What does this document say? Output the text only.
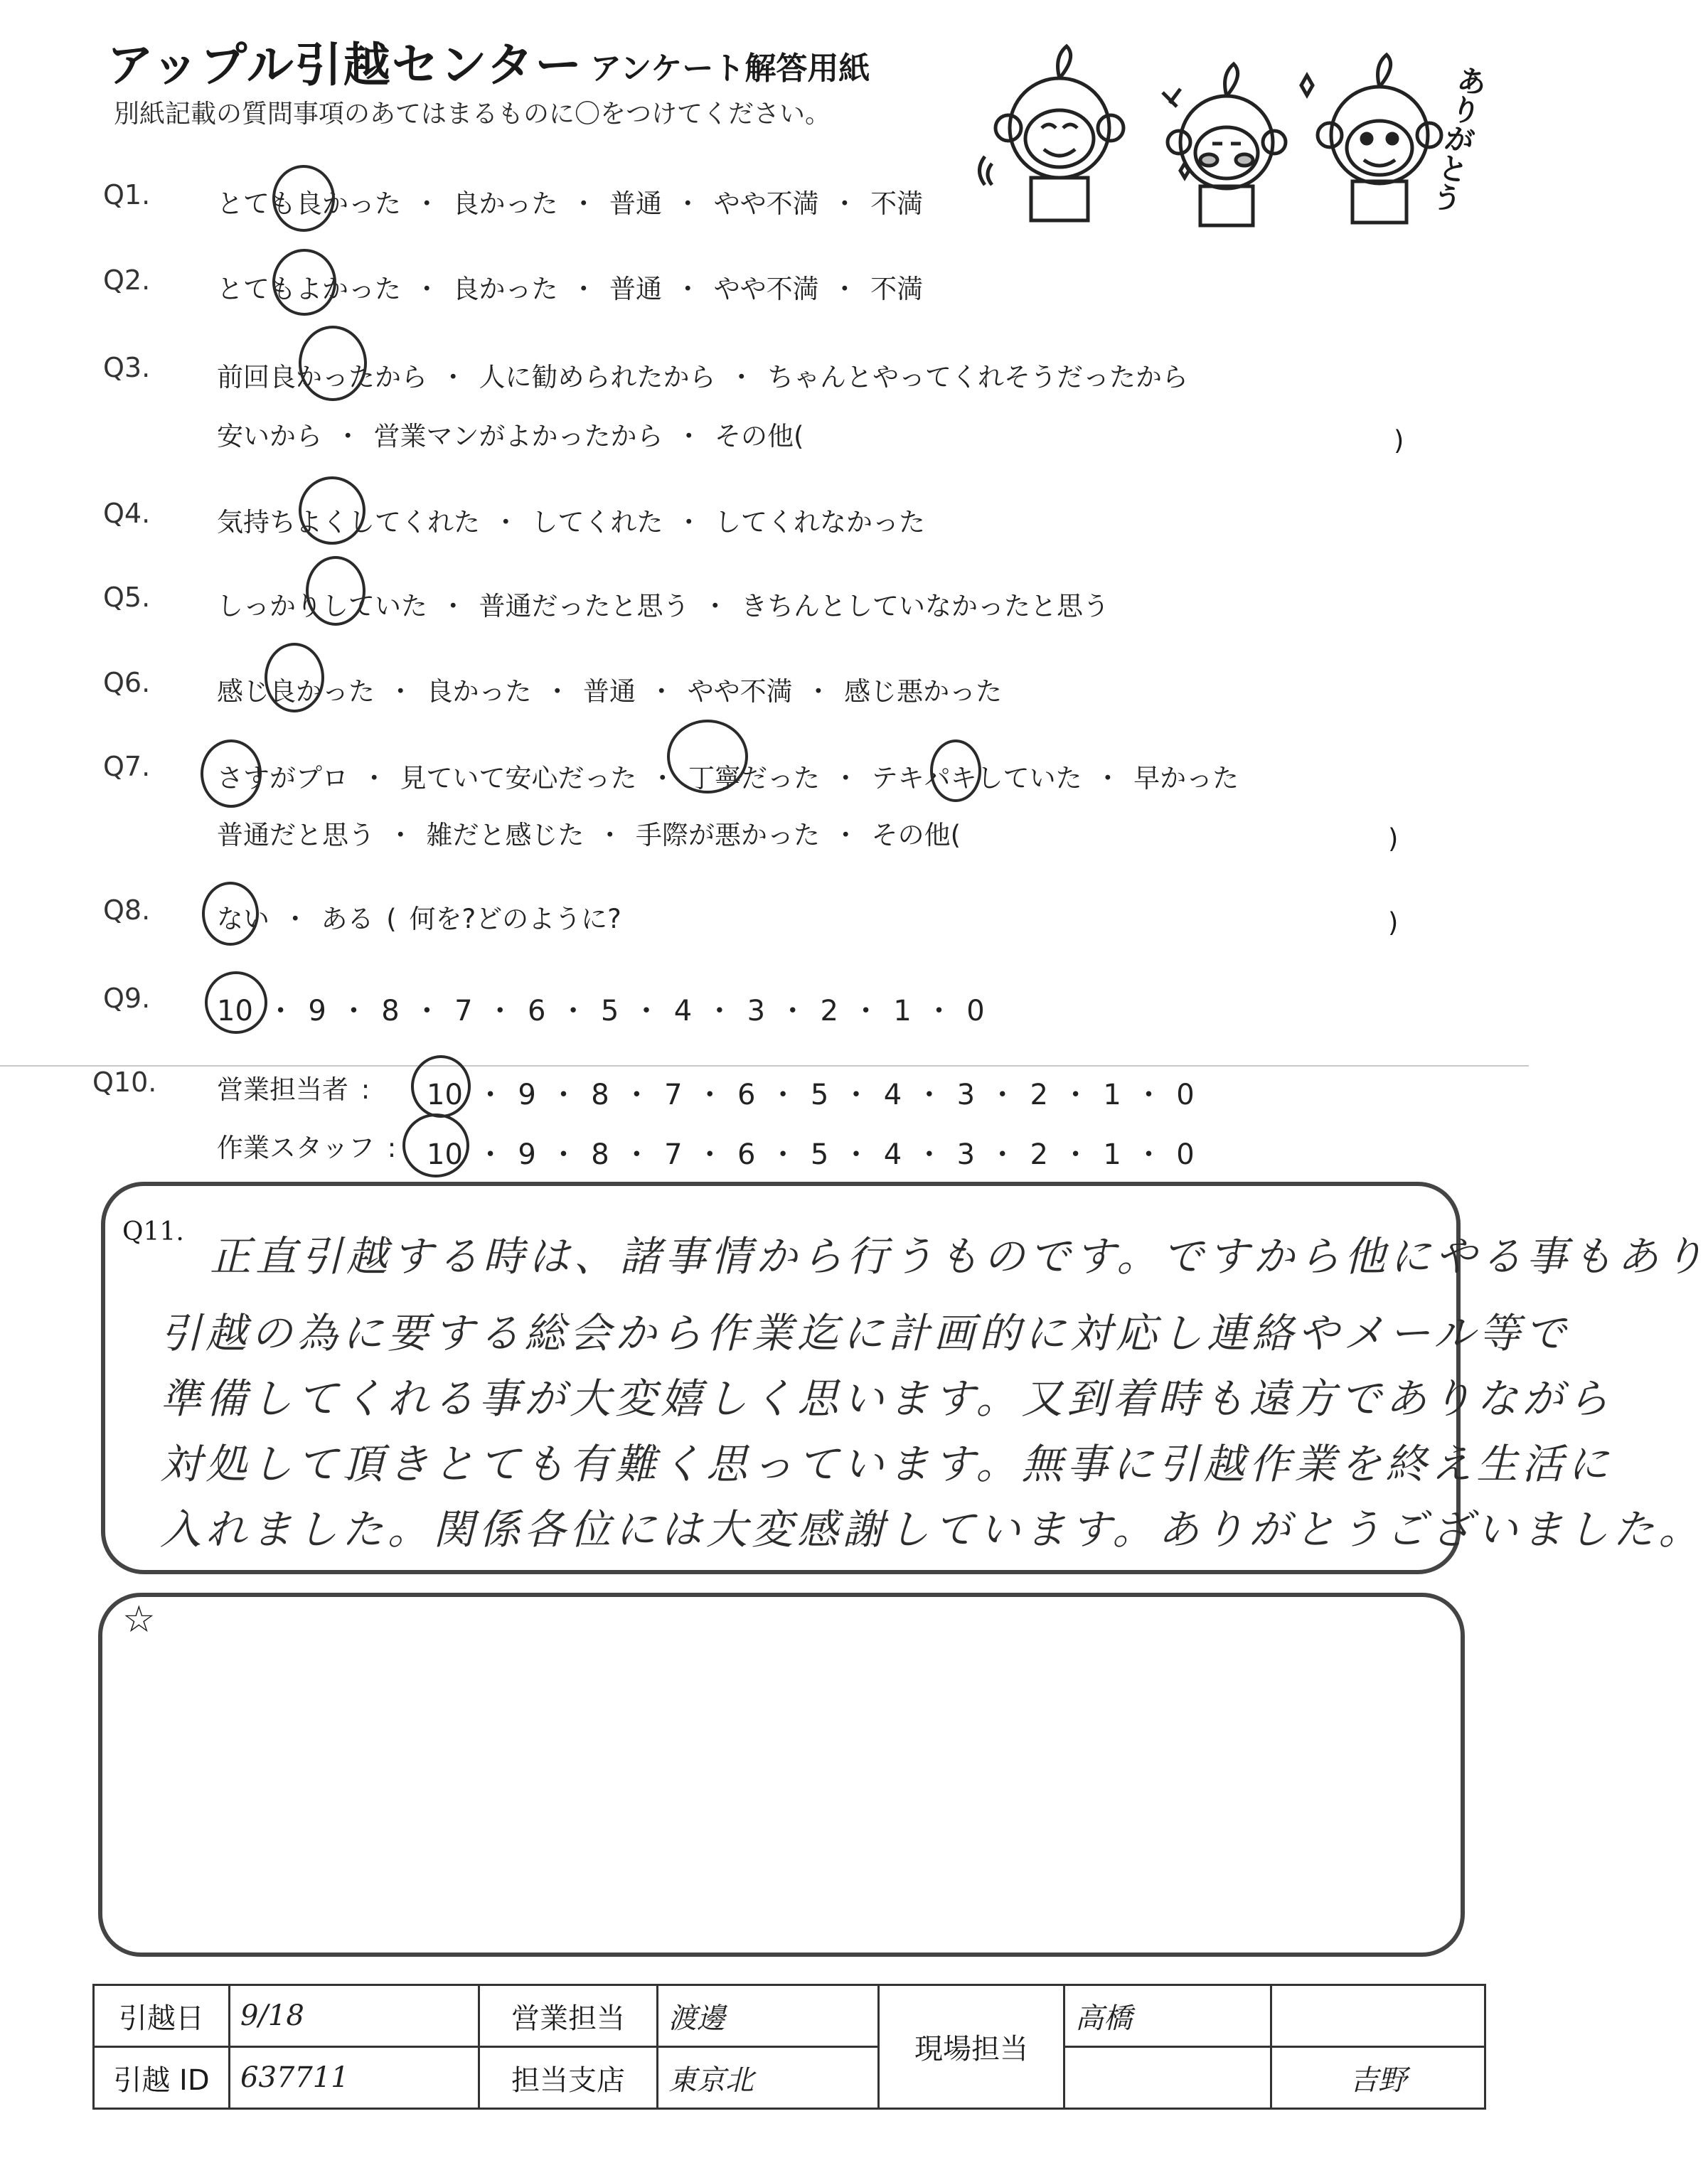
アップル引越センター アンケート解答用紙
別紙記載の質問事項のあてはまるものに〇をつけてください。	ありがとう
Q1.	とても良かった ・ 良かった ・ 普通 ・ やや不満 ・ 不満
Q2.	とてもよかった ・ 良かった ・ 普通 ・ やや不満 ・ 不満
Q3.	前回良かったから ・ 人に勧められたから ・ ちゃんとやってくれそうだったから
安いから ・ 営業マンがよかったから ・ その他(	)
Q4.	気持ちよくしてくれた ・ してくれた ・ してくれなかった
Q5.	しっかりしていた ・ 普通だったと思う ・ きちんとしていなかったと思う
Q6.	感じ良かった ・ 良かった ・ 普通 ・ やや不満 ・ 感じ悪かった
Q7.	さすがプロ ・ 見ていて安心だった ・ 丁寧だった ・ テキパキしていた ・ 早かった
普通だと思う ・ 雑だと感じた ・ 手際が悪かった ・ その他(	)
Q8.	ない ・ ある ( 何を?どのように?	)
Q9. 10 ・ 9 ・ 8 ・ 7 ・ 6 ・ 5 ・ 4 ・ 3 ・ 2 ・ 1 ・ 0
Q10. 営業担当者 : 10 ・ 9 ・ 8 ・ 7 ・ 6 ・ 5 ・ 4 ・ 3 ・ 2 ・ 1 ・ 0
作業スタッフ : 10 ・ 9 ・ 8 ・ 7 ・ 6 ・ 5 ・ 4 ・ 3 ・ 2 ・ 1 ・ 0
Q11.
正直引越する時は、諸事情から行うものです。ですから他にやる事もあり
引越の為に要する総会から作業迄に計画的に対応し連絡やメール等で
準備してくれる事が大変嬉しく思います。又到着時も遠方でありながら
対処して頂きとても有難く思っています。無事に引越作業を終え生活に
入れました。関係各位には大変感謝しています。ありがとうございました。
☆
引越日	9/18	営業担当	渡邊	現場担当	高橋	
引越 ID	637711	担当支店	東京北			吉野
